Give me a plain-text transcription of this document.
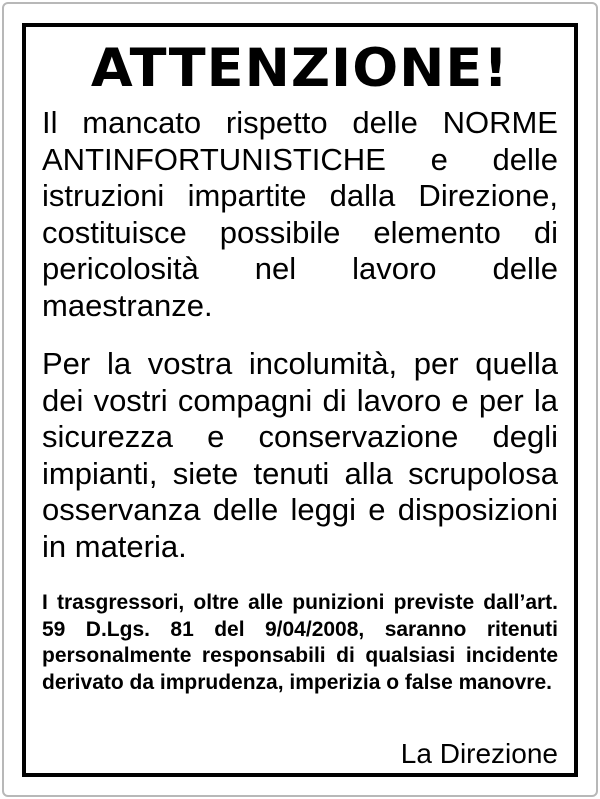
ATTENZIONE!
Il mancato rispetto delle NORME ANTINFORTUNISTICHE e delle istruzioni impartite dalla Direzione, costituisce possibile elemento di pericolosità nel lavoro delle maestranze.
Per la vostra incolumità, per quella dei vostri compagni di lavoro e per la sicurezza e conservazione degli impianti, siete tenuti alla scrupolosa osservanza delle leggi e disposizioni in materia.
I trasgressori, oltre alle punizioni previste dall’art. 59 D.Lgs. 81 del 9/04/2008, saranno ritenuti personalmente responsabili di qualsiasi incidente derivato da imprudenza, imperizia o false manovre.
La Direzione
